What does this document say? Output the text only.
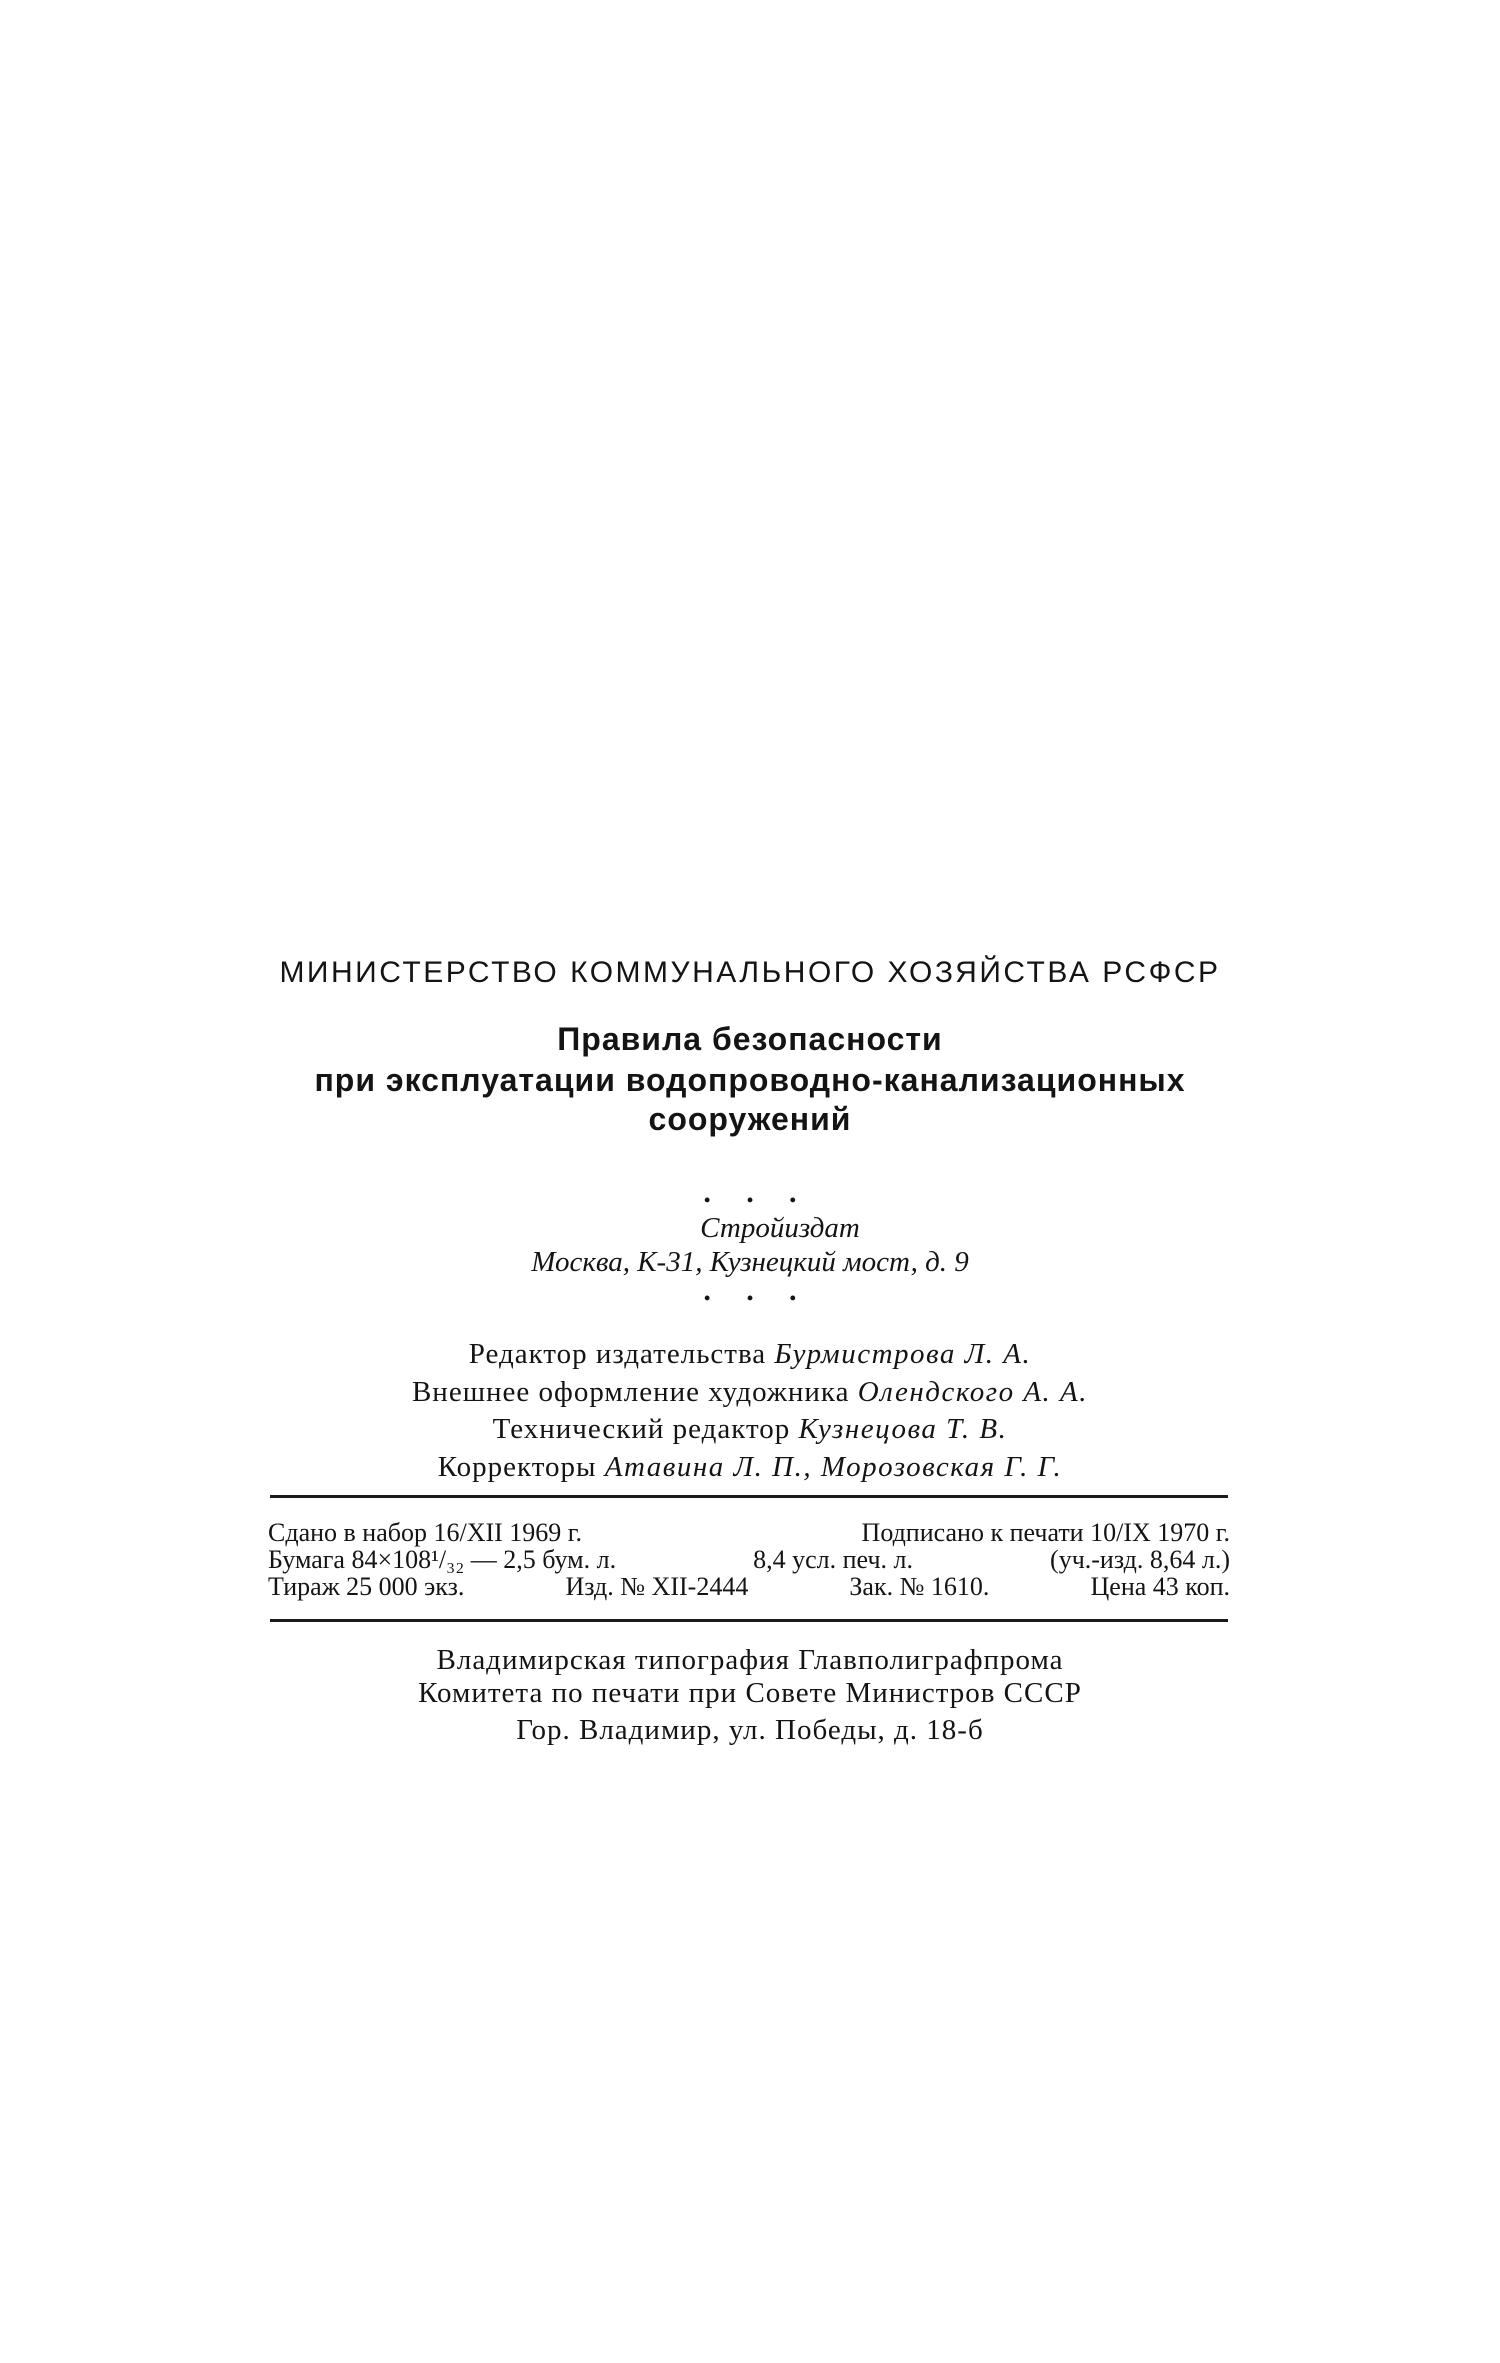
МИНИСТЕРСТВО КОММУНАЛЬНОГО ХОЗЯЙСТВА РСФСР

Правила безопасности

при эксплуатации водопроводно-канализационных

сооружений

• • •

Стройиздат

Москва, К-31, Кузнецкий мост, д. 9

• • •

Редактор издательства Бурмистрова Л. А.

Внешнее оформление художника Олендского А. А.

Технический редактор Кузнецова Т. В.

Корректоры Атавина Л. П., Морозовская Г. Г.

Сдано в набор 16/XII 1969 г.	Подписано к печати 10/IX 1970 г.
Бумага 84×108¹/₃₂ — 2,5 бум. л.	8,4 усл. печ. л.	(уч.-изд. 8,64 л.)
Тираж 25 000 экз.	Изд. № XII-2444	Зак. № 1610.	Цена 43 коп.

Владимирская типография Главполиграфпрома

Комитета по печати при Совете Министров СССР

Гор. Владимир, ул. Победы, д. 18-б
